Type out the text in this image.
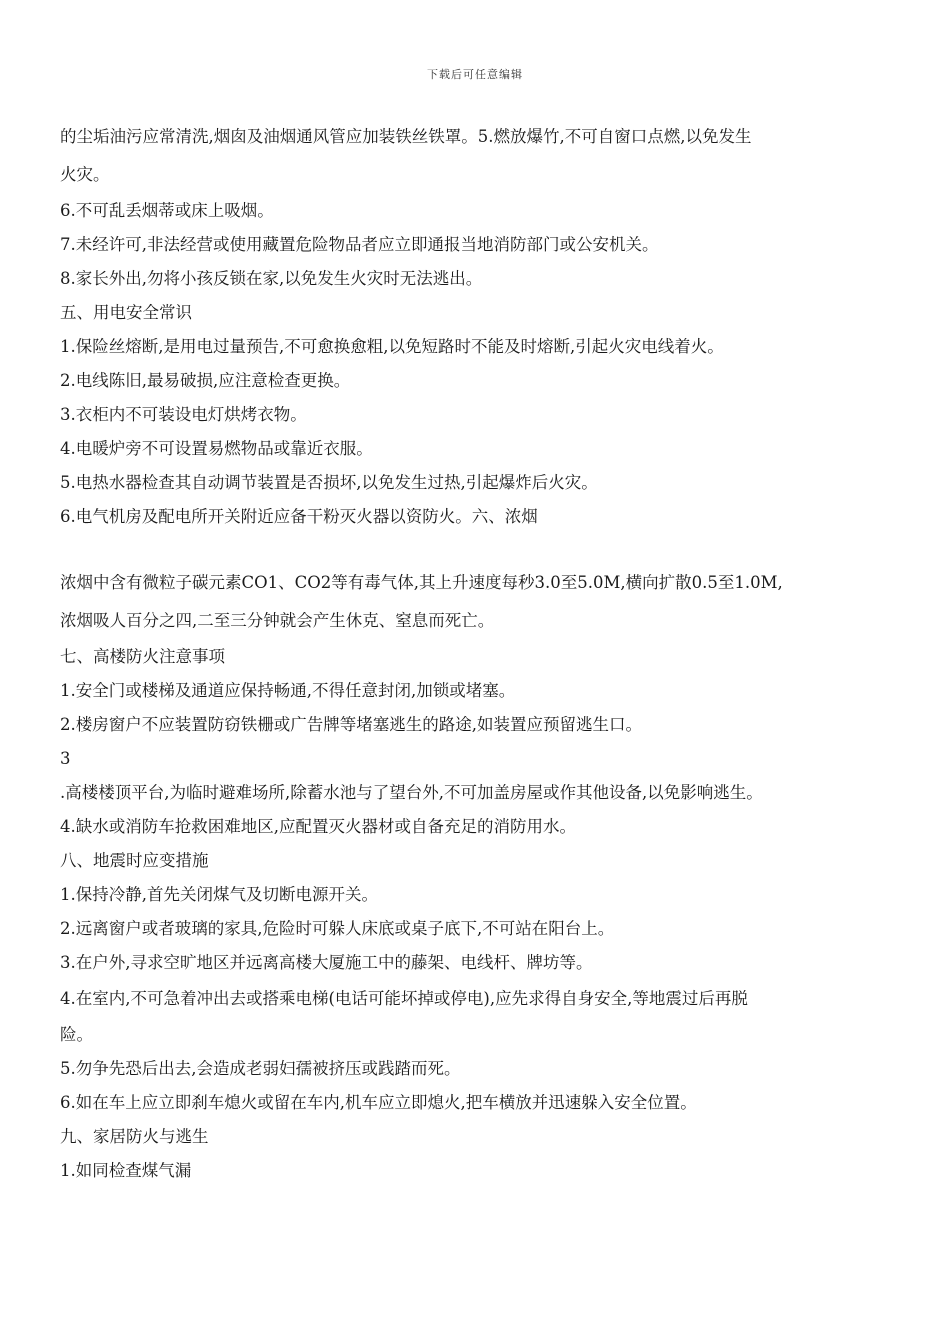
下载后可任意编辑
的尘垢油污应常清洗,烟囱及油烟通风管应加装铁丝铁罩。5.燃放爆竹,不可自窗口点燃,以免发生
火灾。
6.不可乱丢烟蒂或床上吸烟。
7.未经许可,非法经营或使用藏置危险物品者应立即通报当地消防部门或公安机关。
8.家长外出,勿将小孩反锁在家,以免发生火灾时无法逃出。
五、用电安全常识
1.保险丝熔断,是用电过量预告,不可愈换愈粗,以免短路时不能及时熔断,引起火灾电线着火。
2.电线陈旧,最易破损,应注意检查更换。
3.衣柜内不可装设电灯烘烤衣物。
4.电暖炉旁不可设置易燃物品或靠近衣服。
5.电热水器检查其自动调节装置是否损坏,以免发生过热,引起爆炸后火灾。
6.电气机房及配电所开关附近应备干粉灭火器以资防火。六、浓烟
浓烟中含有微粒子碳元素CO1、CO2等有毒气体,其上升速度每秒3.0至5.0M,横向扩散0.5至1.0M,
浓烟吸人百分之四,二至三分钟就会产生休克、窒息而死亡。
七、高楼防火注意事项
1.安全门或楼梯及通道应保持畅通,不得任意封闭,加锁或堵塞。
2.楼房窗户不应装置防窃铁栅或广告牌等堵塞逃生的路途,如装置应预留逃生口。
3
.高楼楼顶平台,为临时避难场所,除蓄水池与了望台外,不可加盖房屋或作其他设备,以免影响逃生。
4.缺水或消防车抢救困难地区,应配置灭火器材或自备充足的消防用水。
八、地震时应变措施
1.保持冷静,首先关闭煤气及切断电源开关。
2.远离窗户或者玻璃的家具,危险时可躲人床底或桌子底下,不可站在阳台上。
3.在户外,寻求空旷地区并远离高楼大厦施工中的藤架、电线杆、牌坊等。
4.在室内,不可急着冲出去或搭乘电梯(电话可能坏掉或停电),应先求得自身安全,等地震过后再脱
险。
5.勿争先恐后出去,会造成老弱妇孺被挤压或践踏而死。
6.如在车上应立即刹车熄火或留在车内,机车应立即熄火,把车横放并迅速躲入安全位置。
九、家居防火与逃生
1.如同检查煤气漏
